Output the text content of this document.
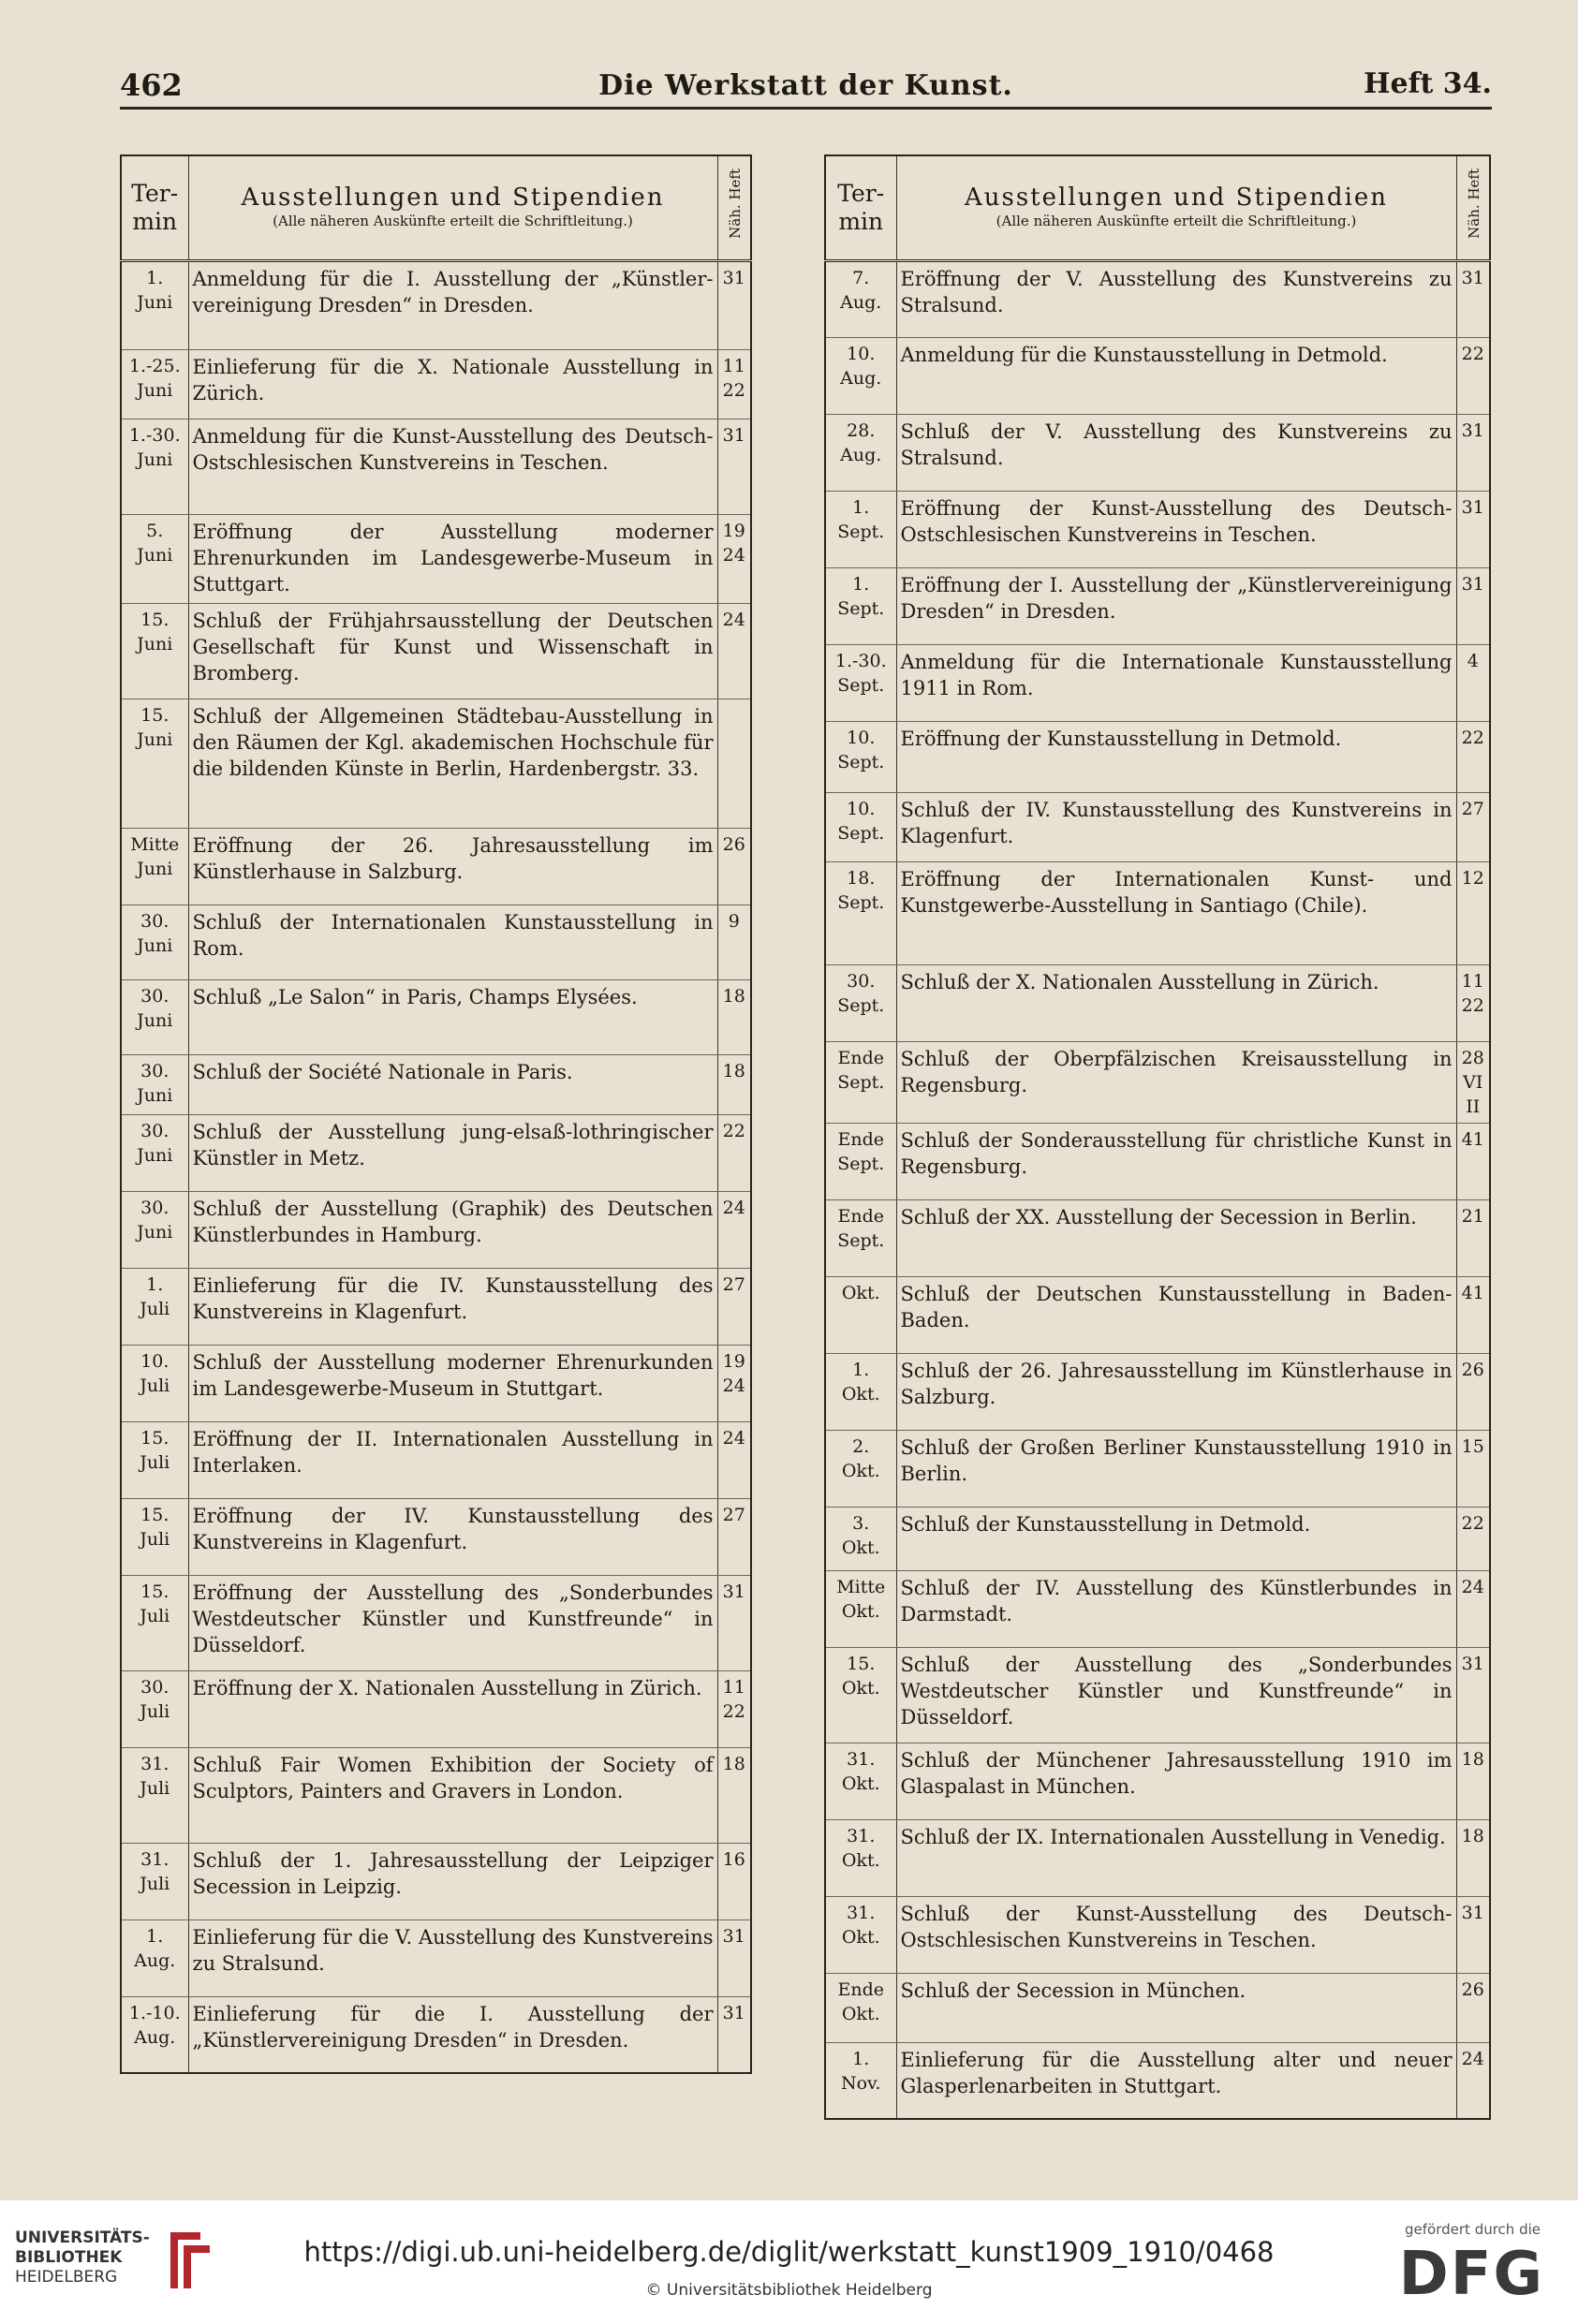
462	Die Werkstatt der Kunst.	Heft 34.
Ter-
min	Ausstellungen und Stipendien
(Alle näheren Auskünfte erteilt die Schriftleitung.)	Näh. Heft
1.
Juni	Anmeldung für die I. Ausstellung der „Künstler-vereinigung Dresden“ in Dresden.	31
1.-25.
Juni	Einlieferung für die X. Nationale Ausstellung in Zürich.	11
22
1.-30.
Juni	Anmeldung für die Kunst-Ausstellung des Deutsch-Ostschlesischen Kunstvereins in Teschen.	31
5.
Juni	Eröffnung der Ausstellung moderner Ehrenurkunden im Landesgewerbe-Museum in Stuttgart.	19
24
15.
Juni	Schluß der Frühjahrsausstellung der Deutschen Gesellschaft für Kunst und Wissenschaft in Bromberg.	24
15.
Juni	Schluß der Allgemeinen Städtebau-Ausstellung in den Räumen der Kgl. akademischen Hochschule für die bildenden Künste in Berlin, Hardenbergstr. 33.	
Mitte
Juni	Eröffnung der 26. Jahresausstellung im Künstlerhause in Salzburg.	26
30.
Juni	Schluß der Internationalen Kunstausstellung in Rom.	9
30.
Juni	Schluß „Le Salon“ in Paris, Champs Elysées.	18
30.
Juni	Schluß der Société Nationale in Paris.	18
30.
Juni	Schluß der Ausstellung jung-elsaß-lothringischer Künstler in Metz.	22
30.
Juni	Schluß der Ausstellung (Graphik) des Deutschen Künstlerbundes in Hamburg.	24
1.
Juli	Einlieferung für die IV. Kunstausstellung des Kunstvereins in Klagenfurt.	27
10.
Juli	Schluß der Ausstellung moderner Ehrenurkunden im Landesgewerbe-Museum in Stuttgart.	19
24
15.
Juli	Eröffnung der II. Internationalen Ausstellung in Interlaken.	24
15.
Juli	Eröffnung der IV. Kunstausstellung des Kunstvereins in Klagenfurt.	27
15.
Juli	Eröffnung der Ausstellung des „Sonderbundes Westdeutscher Künstler und Kunstfreunde“ in Düsseldorf.	31
30.
Juli	Eröffnung der X. Nationalen Ausstellung in Zürich.	11
22
31.
Juli	Schluß Fair Women Exhibition der Society of Sculptors, Painters and Gravers in London.	18
31.
Juli	Schluß der 1. Jahresausstellung der Leipziger Secession in Leipzig.	16
1.
Aug.	Einlieferung für die V. Ausstellung des Kunstvereins zu Stralsund.	31
1.-10.
Aug.	Einlieferung für die I. Ausstellung der „Künstlervereinigung Dresden“ in Dresden.	31
Ter-
min	Ausstellungen und Stipendien
(Alle näheren Auskünfte erteilt die Schriftleitung.)	Näh. Heft
7.
Aug.	Eröffnung der V. Ausstellung des Kunstvereins zu Stralsund.	31
10.
Aug.	Anmeldung für die Kunstausstellung in Detmold.	22
28.
Aug.	Schluß der V. Ausstellung des Kunstvereins zu Stralsund.	31
1.
Sept.	Eröffnung der Kunst-Ausstellung des Deutsch-Ostschlesischen Kunstvereins in Teschen.	31
1.
Sept.	Eröffnung der I. Ausstellung der „Künstlervereinigung Dresden“ in Dresden.	31
1.-30.
Sept.	Anmeldung für die Internationale Kunstausstellung 1911 in Rom.	4
10.
Sept.	Eröffnung der Kunstausstellung in Detmold.	22
10.
Sept.	Schluß der IV. Kunstausstellung des Kunstvereins in Klagenfurt.	27
18.
Sept.	Eröffnung der Internationalen Kunst- und Kunstgewerbe-Ausstellung in Santiago (Chile).	12
30.
Sept.	Schluß der X. Nationalen Ausstellung in Zürich.	11
22
Ende
Sept.	Schluß der Oberpfälzischen Kreisausstellung in Regensburg.	28
VIII
Ende
Sept.	Schluß der Sonderausstellung für christliche Kunst in Regensburg.	41
Ende
Sept.	Schluß der XX. Ausstellung der Secession in Berlin.	21
Okt.	Schluß der Deutschen Kunstausstellung in Baden-Baden.	41
1.
Okt.	Schluß der 26. Jahresausstellung im Künstlerhause in Salzburg.	26
2.
Okt.	Schluß der Großen Berliner Kunstausstellung 1910 in Berlin.	15
3.
Okt.	Schluß der Kunstausstellung in Detmold.	22
Mitte
Okt.	Schluß der IV. Ausstellung des Künstlerbundes in Darmstadt.	24
15.
Okt.	Schluß der Ausstellung des „Sonderbundes Westdeutscher Künstler und Kunstfreunde“ in Düsseldorf.	31
31.
Okt.	Schluß der Münchener Jahresausstellung 1910 im Glaspalast in München.	18
31.
Okt.	Schluß der IX. Internationalen Ausstellung in Venedig.	18
31.
Okt.	Schluß der Kunst-Ausstellung des Deutsch-Ostschlesischen Kunstvereins in Teschen.	31
Ende
Okt.	Schluß der Secession in München.	26
1.
Nov.	Einlieferung für die Ausstellung alter und neuer Glasperlenarbeiten in Stuttgart.	24
UNIVERSITÄTS-
BIBLIOTHEK
HEIDELBERG
https://digi.ub.uni-heidelberg.de/diglit/werkstatt_kunst1909_1910/0468
© Universitätsbibliothek Heidelberg
gefördert durch die
DFG
